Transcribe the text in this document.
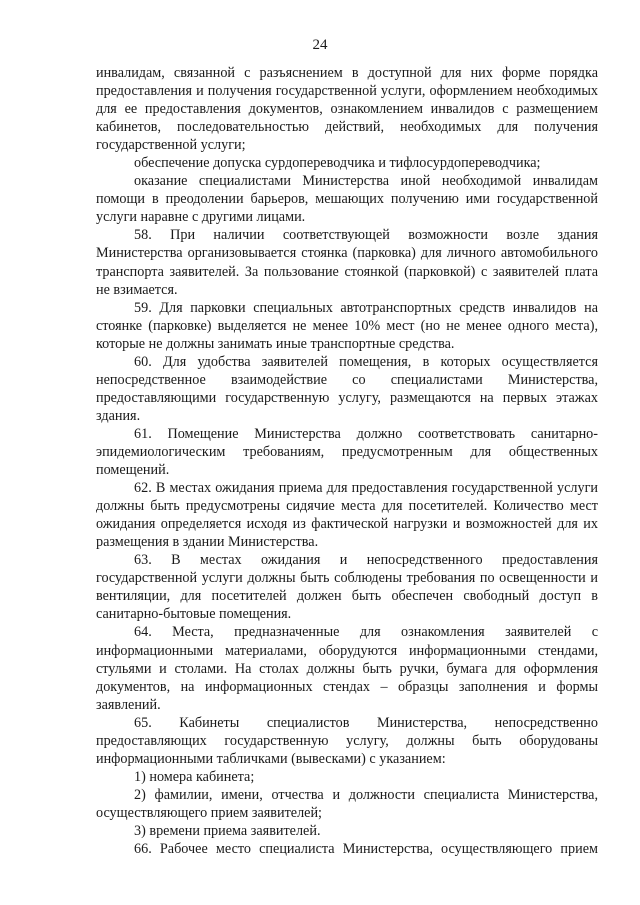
24

инвалидам, связанной с разъяснением в доступной для них форме порядка предоставления и получения государственной услуги, оформлением необходимых для ее предоставления документов, ознакомлением инвалидов с размещением кабинетов, последовательностью действий, необходимых для получения государственной услуги;

обеспечение допуска сурдопереводчика и тифлосурдопереводчика;

оказание специалистами Министерства иной необходимой инвалидам помощи в преодолении барьеров, мешающих получению ими государственной услуги наравне с другими лицами.

58. При наличии соответствующей возможности возле здания Министерства организовывается стоянка (парковка) для личного автомобильного транспорта заявителей. За пользование стоянкой (парковкой) с заявителей плата не взимается.

59. Для парковки специальных автотранспортных средств инвалидов на стоянке (парковке) выделяется не менее 10% мест (но не менее одного места), которые не должны занимать иные транспортные средства.

60. Для удобства заявителей помещения, в которых осуществляется непосредственное взаимодействие со специалистами Министерства, предоставляющими государственную услугу, размещаются на первых этажах здания.

61. Помещение Министерства должно соответствовать санитарно-эпидемиологическим требованиям, предусмотренным для общественных помещений.

62. В местах ожидания приема для предоставления государственной услуги должны быть предусмотрены сидячие места для посетителей. Количество мест ожидания определяется исходя из фактической нагрузки и возможностей для их размещения в здании Министерства.

63. В местах ожидания и непосредственного предоставления государственной услуги должны быть соблюдены требования по освещенности и вентиляции, для посетителей должен быть обеспечен свободный доступ в санитарно-бытовые помещения.

64. Места, предназначенные для ознакомления заявителей с информационными материалами, оборудуются информационными стендами, стульями и столами. На столах должны быть ручки, бумага для оформления документов, на информационных стендах – образцы заполнения и формы заявлений.

65. Кабинеты специалистов Министерства, непосредственно предоставляющих государственную услугу, должны быть оборудованы информационными табличками (вывесками) с указанием:

1) номера кабинета;

2) фамилии, имени, отчества и должности специалиста Министерства, осуществляющего прием заявителей;

3) времени приема заявителей.

66. Рабочее место специалиста Министерства, осуществляющего прием
